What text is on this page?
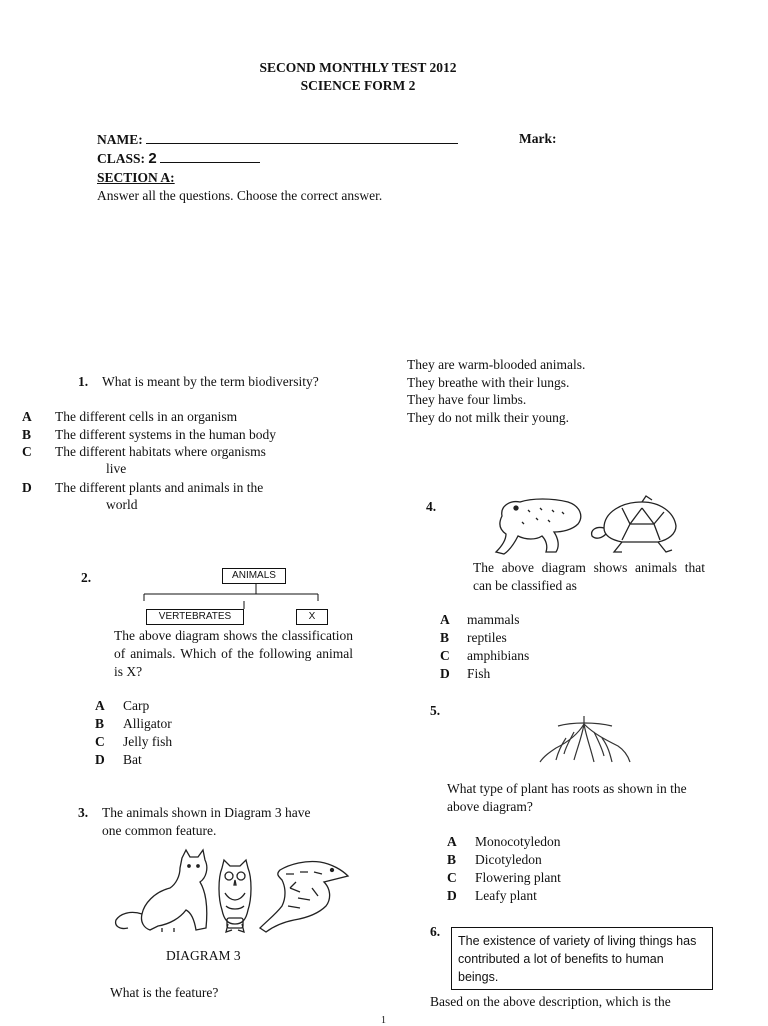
SECOND MONTHLY TEST 2012
SCIENCE FORM 2
NAME:	Mark:
CLASS: 2
SECTION A:
Answer all the questions. Choose the correct answer.
1. What is meant by the term biodiversity?
A The different cells in an organism
B The different systems in the human body
C The different habitats where organisms
live
D The different plants and animals in the
world
2.	ANIMALS
VERTEBRATES	X
The above diagram shows the classification of animals. Which of the following animal is X?
A Carp
B Alligator
C Jelly fish
D Bat
3. The animals shown in Diagram 3 have
one common feature.
DIAGRAM 3
What is the feature?
They are warm-blooded animals.
They breathe with their lungs.
They have four limbs.
They do not milk their young.
4.
The above diagram shows animals that can be classified as
A mammals
B reptiles
C amphibians
D Fish
5.
What type of plant has roots as shown in the
above diagram?
A Monocotyledon
B Dicotyledon
C Flowering plant
D Leafy plant
6.
The existence of variety of living things has contributed a lot of benefits to human beings.
Based on the above description, which is the
1
